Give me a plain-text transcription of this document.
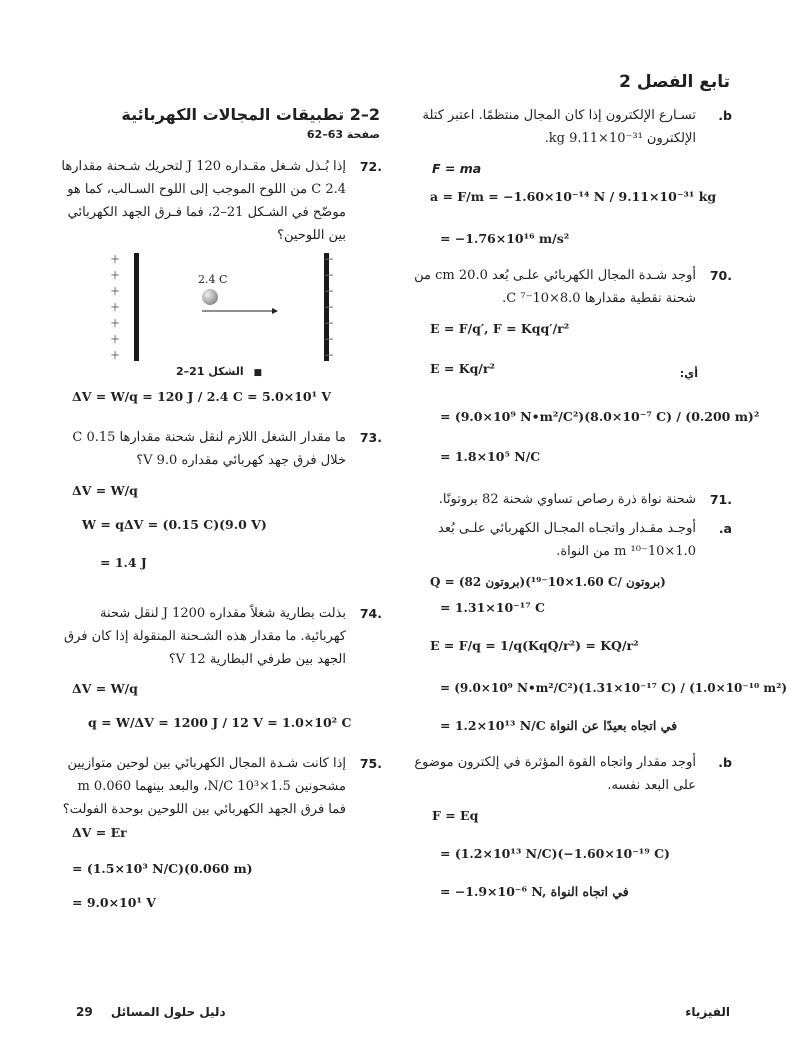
تابع الفصل 2
.b
تسـارع الإلكترون إذا كان المجال منتظمًا. اعتبر كتلة الإلكترون kg 9.11×10⁻³¹.
F = ma
a = F/m = −1.60×10⁻¹⁴ N / 9.11×10⁻³¹ kg
= −1.76×10¹⁶ m/s²
70.
أوجد شـدة المجال الكهربائي علـى بُعد 20.0 cm من شحنة نقطية مقدارها 8.0×10⁻⁷ C.
E = F/q′, F = Kqq′/r²
E = Kq/r²	أي:
= (9.0×10⁹ N•m²/C²)(8.0×10⁻⁷ C) / (0.200 m)²
= 1.8×10⁵ N/C
71.
شحنة نواة ذرة رصاص تساوي شحنة 82 بروتونًا.
.a
أوجـد مقـدار واتجـاه المجـال الكهربائي علـى بُعد 1.0×10⁻¹⁰ m من النواة.
Q = (82 بروتون)(1.60×10⁻¹⁹ C/ بروتون)
= 1.31×10⁻¹⁷ C
E = F/q = 1/q(KqQ/r²) = KQ/r²
= (9.0×10⁹ N•m²/C²)(1.31×10⁻¹⁷ C) / (1.0×10⁻¹⁰ m²)
= 1.2×10¹³ N/C في اتجاه بعيدًا عن النواة
.b
أوجد مقدار واتجاه القوة المؤثرة في إلكترون موضوع على البعد نفسه.
F = Eq
= (1.2×10¹³ N/C)(−1.60×10⁻¹⁹ C)
= −1.9×10⁻⁶ N, في اتجاه النواة
2–2 تطبيقات المجالات الكهربائية
صفحة 63–62
72.
إذا بُـذل شـغل مقـداره 120 J لتحريك شـحنة مقدارها 2.4 C من اللوح الموجب إلى اللوح السـالب، كما هو موضّح في الشـكل 21–2، فما فـرق الجهد الكهربائي بين اللوحين؟
+
+
+
+
+
+
+
−
−
−
−
−
−
−
2.4 C
■ الشكل 21–2
ΔV = W/q = 120 J / 2.4 C = 5.0×10¹ V
73.
ما مقدار الشغل اللازم لنقل شحنة مقدارها 0.15 C خلال فرق جهد كهربائي مقداره 9.0 V؟
ΔV = W/q
W = qΔV = (0.15 C)(9.0 V)
= 1.4 J
74.
بذلت بطارية شغلاً مقداره 1200 J لنقل شحنة كهربائية. ما مقدار هذه الشـحنة المنقولة إذا كان فرق الجهد بين طرفي البطارية 12 V؟
ΔV = W/q
q = W/ΔV = 1200 J / 12 V = 1.0×10² C
75.
إذا كانت شـدة المجال الكهربائي بين لوحين متوازيين مشحونين 1.5×10³ N/C، والبعد بينهما 0.060 m فما فرق الجهد الكهربائي بين اللوحين بوحدة الفولت؟
ΔV = Er
= (1.5×10³ N/C)(0.060 m)
= 9.0×10¹ V
الفيزياء
29 دليل حلول المسائل
